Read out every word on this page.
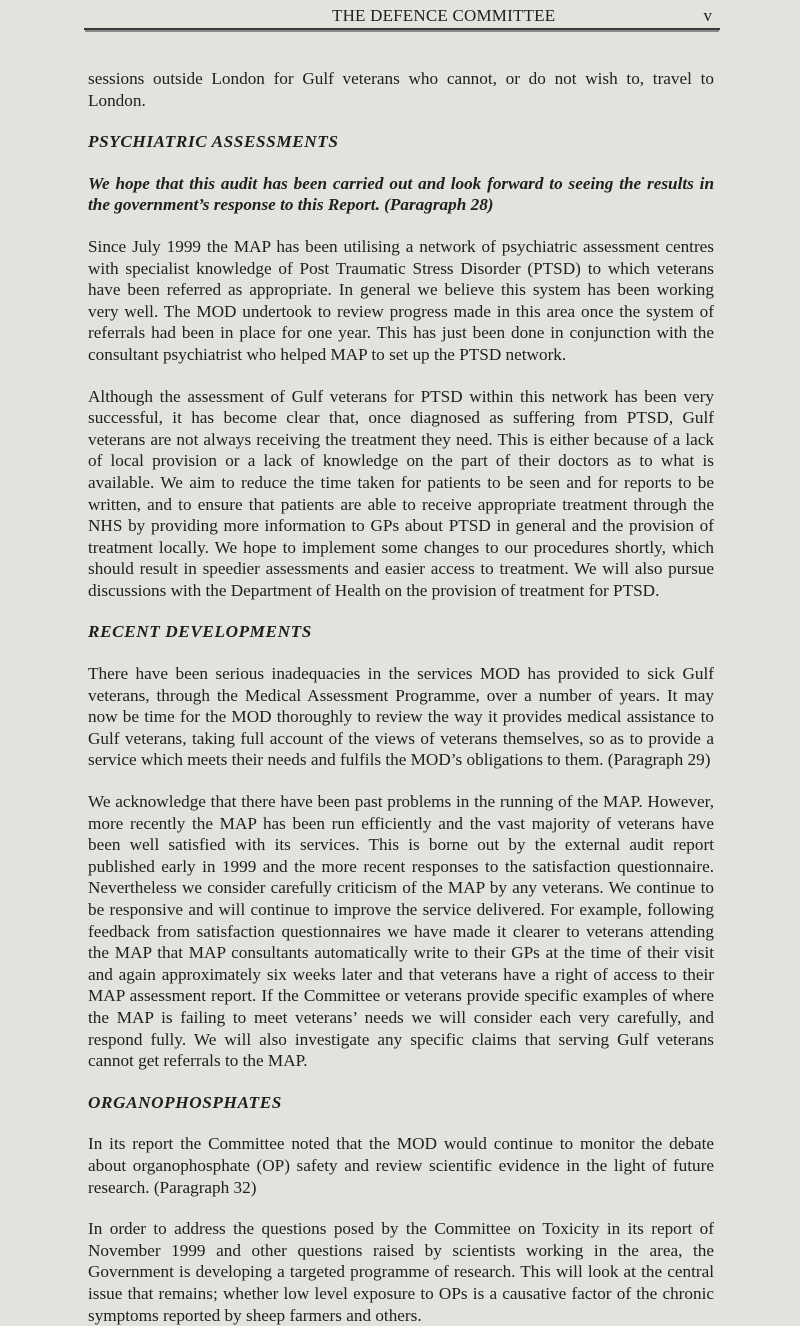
THE DEFENCE COMMITTEE	v

sessions outside London for Gulf veterans who cannot, or do not wish to, travel to London.

PSYCHIATRIC ASSESSMENTS

We hope that this audit has been carried out and look forward to seeing the results in the government’s response to this Report. (Paragraph 28)

Since July 1999 the MAP has been utilising a network of psychiatric assessment centres with specialist knowledge of Post Traumatic Stress Disorder (PTSD) to which veterans have been referred as appropriate. In general we believe this system has been working very well. The MOD undertook to review progress made in this area once the system of referrals had been in place for one year. This has just been done in conjunction with the consultant psychiatrist who helped MAP to set up the PTSD network.

Although the assessment of Gulf veterans for PTSD within this network has been very successful, it has become clear that, once diagnosed as suffering from PTSD, Gulf veterans are not always receiving the treatment they need. This is either because of a lack of local provision or a lack of knowledge on the part of their doctors as to what is available. We aim to reduce the time taken for patients to be seen and for reports to be written, and to ensure that patients are able to receive appropriate treatment through the NHS by providing more information to GPs about PTSD in general and the provision of treatment locally. We hope to implement some changes to our procedures shortly, which should result in speedier assessments and easier access to treatment. We will also pursue discussions with the Department of Health on the provision of treatment for PTSD.

RECENT DEVELOPMENTS

There have been serious inadequacies in the services MOD has provided to sick Gulf veterans, through the Medical Assessment Programme, over a number of years. It may now be time for the MOD thoroughly to review the way it provides medical assistance to Gulf veterans, taking full account of the views of veterans themselves, so as to provide a service which meets their needs and fulfils the MOD’s obligations to them. (Paragraph 29)

We acknowledge that there have been past problems in the running of the MAP. However, more recently the MAP has been run efficiently and the vast majority of veterans have been well satisfied with its services. This is borne out by the external audit report published early in 1999 and the more recent responses to the satisfaction questionnaire. Nevertheless we consider carefully criticism of the MAP by any veterans. We continue to be responsive and will continue to improve the service delivered. For example, following feedback from satisfaction questionnaires we have made it clearer to veterans attending the MAP that MAP consultants automatically write to their GPs at the time of their visit and again approximately six weeks later and that veterans have a right of access to their MAP assessment report. If the Committee or veterans provide specific examples of where the MAP is failing to meet veterans’ needs we will consider each very carefully, and respond fully. We will also investigate any specific claims that serving Gulf veterans cannot get referrals to the MAP.

ORGANOPHOSPHATES

In its report the Committee noted that the MOD would continue to monitor the debate about organophosphate (OP) safety and review scientific evidence in the light of future research. (Paragraph 32)

In order to address the questions posed by the Committee on Toxicity in its report of November 1999 and other questions raised by scientists working in the area, the Government is developing a targeted programme of research. This will look at the central issue that remains; whether low level exposure to OPs is a causative factor of the chronic symptoms reported by sheep farmers and others.
